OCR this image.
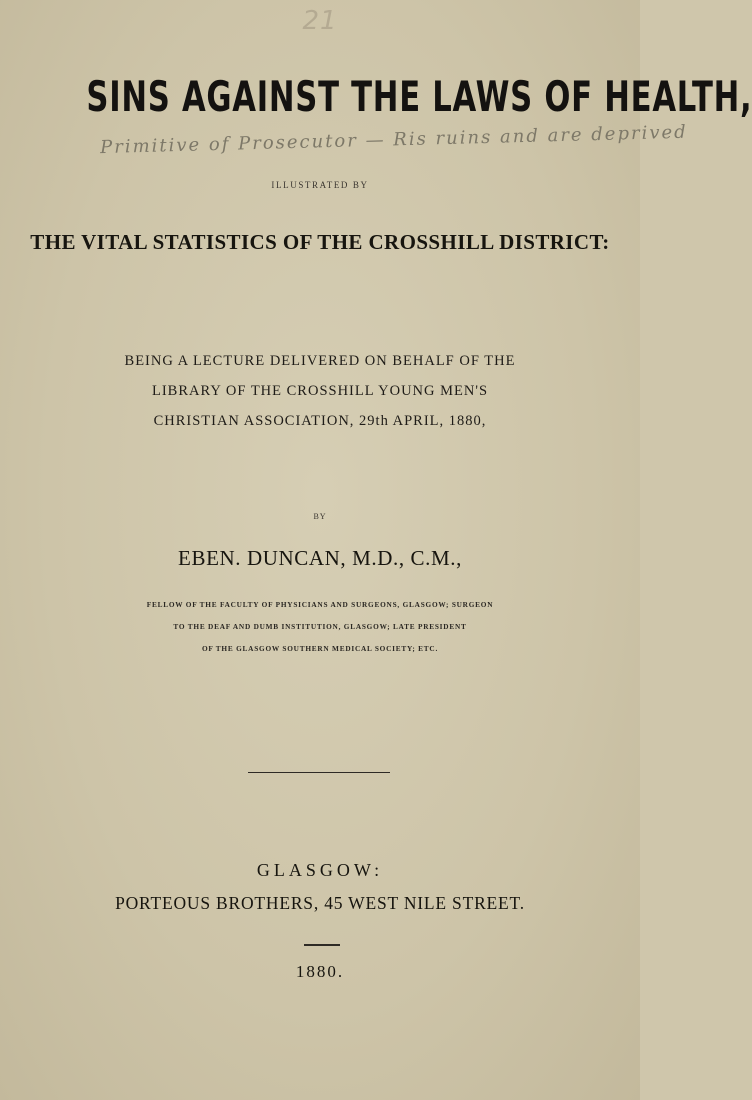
21
SINS AGAINST THE LAWS OF HEALTH,
Primitive of Prosecutor — Ris ruins and are deprived
ILLUSTRATED BY
THE VITAL STATISTICS OF THE CROSSHILL DISTRICT:
BEING A LECTURE DELIVERED ON BEHALF OF THE
LIBRARY OF THE CROSSHILL YOUNG MEN'S
CHRISTIAN ASSOCIATION, 29th APRIL, 1880,
BY
EBEN. DUNCAN, M.D., C.M.,
FELLOW OF THE FACULTY OF PHYSICIANS AND SURGEONS, GLASGOW; SURGEON
TO THE DEAF AND DUMB INSTITUTION, GLASGOW; LATE PRESIDENT
OF THE GLASGOW SOUTHERN MEDICAL SOCIETY; ETC.
GLASGOW:
PORTEOUS BROTHERS, 45 WEST NILE STREET.
1880.
